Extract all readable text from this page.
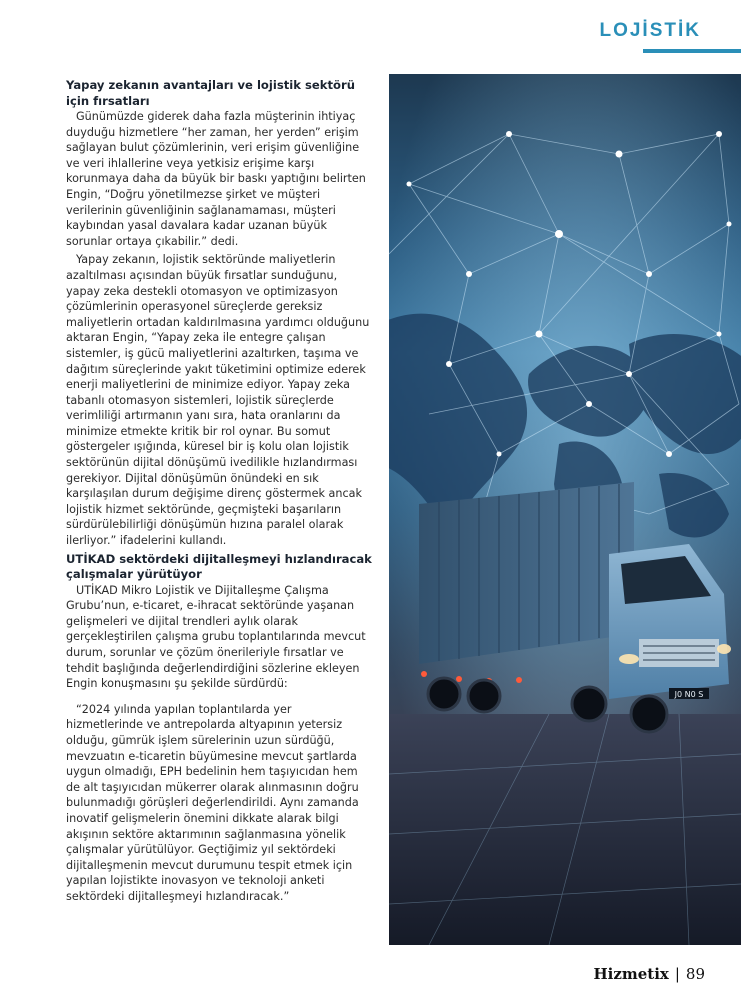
LOJİSTİK
Yapay zekanın avantajları ve lojistik sektörü için fırsatları

Günümüzde giderek daha fazla müşterinin ihtiyaç duyduğu hizmetlere “her zaman, her yerden” erişim sağlayan bulut çözümlerinin, veri erişim güvenliğine ve veri ihlallerine veya yetkisiz erişime karşı korunmaya daha da büyük bir baskı yaptığını belirten Engin, “Doğru yönetilmezse şirket ve müşteri verilerinin güvenliğinin sağlanamaması, müşteri kaybından yasal davalara kadar uzanan büyük sorunlar ortaya çıkabilir.” dedi.

Yapay zekanın, lojistik sektöründe maliyetlerin azaltılması açısından büyük fırsatlar sunduğunu, yapay zeka destekli otomasyon ve optimizasyon çözümlerinin operasyonel süreçlerde gereksiz maliyetlerin ortadan kaldırılmasına yardımcı olduğunu aktaran Engin, “Yapay zeka ile entegre çalışan sistemler, iş gücü maliyetlerini azaltırken, taşıma ve dağıtım süreçlerinde yakıt tüketimini optimize ederek enerji maliyetlerini de minimize ediyor. Yapay zeka tabanlı otomasyon sistemleri, lojistik süreçlerde verimliliği artırmanın yanı sıra, hata oranlarını da minimize etmekte kritik bir rol oynar. Bu somut göstergeler ışığında, küresel bir iş kolu olan lojistik sektörünün dijital dönüşümü ivedilikle hızlandırması gerekiyor. Dijital dönüşümün önündeki en sık karşılaşılan durum değişime direnç göstermek ancak lojistik hizmet sektöründe, geçmişteki başarıların sürdürülebilirliği dönüşümün hızına paralel olarak ilerliyor.” ifadelerini kullandı.

UTİKAD sektördeki dijitalleşmeyi hızlandıracak çalışmalar yürütüyor

UTİKAD Mikro Lojistik ve Dijitalleşme Çalışma Grubu’nun, e-ticaret, e-ihracat sektöründe yaşanan gelişmeleri ve dijital trendleri aylık olarak gerçekleştirilen çalışma grubu toplantılarında mevcut durum, sorunlar ve çözüm önerileriyle fırsatlar ve tehdit başlığında değerlendirdiğini sözlerine ekleyen Engin konuşmasını şu şekilde sürdürdü:

“2024 yılında yapılan toplantılarda yer hizmetlerinde ve antrepolarda altyapının yetersiz olduğu, gümrük işlem sürelerinin uzun sürdüğü, mevzuatın e-ticaretin büyümesine mevcut şartlarda uygun olmadığı, EPH bedelinin hem taşıyıcıdan hem de alt taşıyıcıdan mükerrer olarak alınmasının doğru bulunmadığı görüşleri değerlendirildi. Aynı zamanda inovatif gelişmelerin önemini dikkate alarak bilgi akışının sektöre aktarımının sağlanmasına yönelik çalışmalar yürütülüyor. Geçtiğimiz yıl sektördeki dijitalleşmenin mevcut durumunu tespit etmek için yapılan lojistikte inovasyon ve teknoloji anketi sektördeki dijitalleşmeyi hızlandıracak.”

J0 N0 S
Hizmetix | 89
